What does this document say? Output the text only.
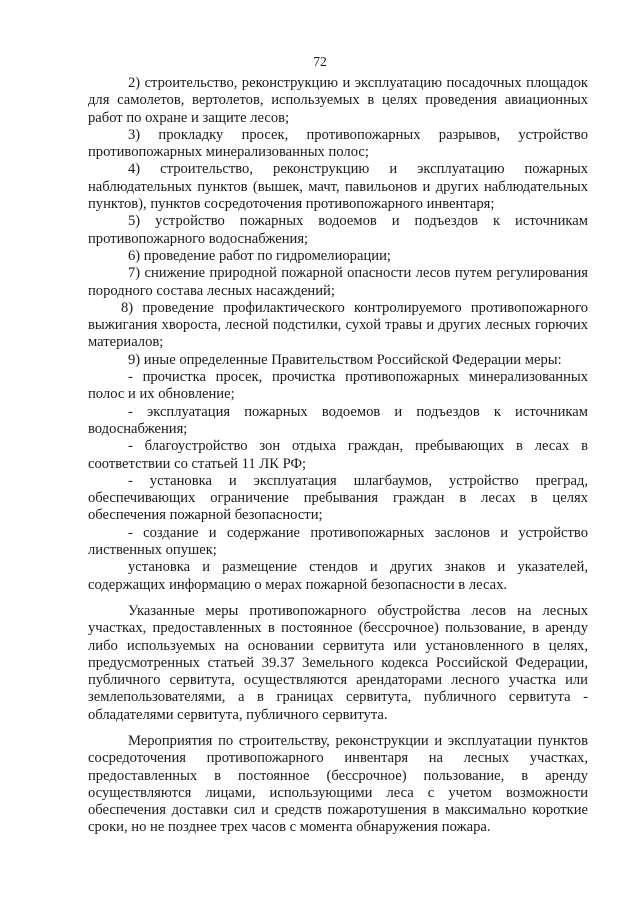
72

2) строительство, реконструкцию и эксплуатацию посадочных площадок для самолетов, вертолетов, используемых в целях проведения авиационных работ по охране и защите лесов;

3) прокладку просек, противопожарных разрывов, устройство противопожарных минерализованных полос;

4) строительство, реконструкцию и эксплуатацию пожарных наблюдательных пунктов (вышек, мачт, павильонов и других наблюдательных пунктов), пунктов сосредоточения противопожарного инвентаря;

5) устройство пожарных водоемов и подъездов к источникам противопожарного водоснабжения;

6) проведение работ по гидромелиорации;

7) снижение природной пожарной опасности лесов путем регулирования породного состава лесных насаждений;

8) проведение профилактического контролируемого противопожарного выжигания хвороста, лесной подстилки, сухой травы и других лесных горючих материалов;

9) иные определенные Правительством Российской Федерации меры:

- прочистка просек, прочистка противопожарных минерализованных полос и их обновление;

- эксплуатация пожарных водоемов и подъездов к источникам водоснабжения;

- благоустройство зон отдыха граждан, пребывающих в лесах в соответствии со статьей 11 ЛК РФ;

- установка и эксплуатация шлагбаумов, устройство преград, обеспечивающих ограничение пребывания граждан в лесах в целях обеспечения пожарной безопасности;

- создание и содержание противопожарных заслонов и устройство лиственных опушек;

установка и размещение стендов и других знаков и указателей, содержащих информацию о мерах пожарной безопасности в лесах.

Указанные меры противопожарного обустройства лесов на лесных участках, предоставленных в постоянное (бессрочное) пользование, в аренду либо используемых на основании сервитута или установленного в целях, предусмотренных статьей 39.37 Земельного кодекса Российской Федерации, публичного сервитута, осуществляются арендаторами лесного участка или землепользователями, а в границах сервитута, публичного сервитута - обладателями сервитута, публичного сервитута.

Мероприятия по строительству, реконструкции и эксплуатации пунктов сосредоточения противопожарного инвентаря на лесных участках, предоставленных в постоянное (бессрочное) пользование, в аренду осуществляются лицами, использующими леса с учетом возможности обеспечения доставки сил и средств пожаротушения в максимально короткие сроки, но не позднее трех часов с момента обнаружения пожара.
